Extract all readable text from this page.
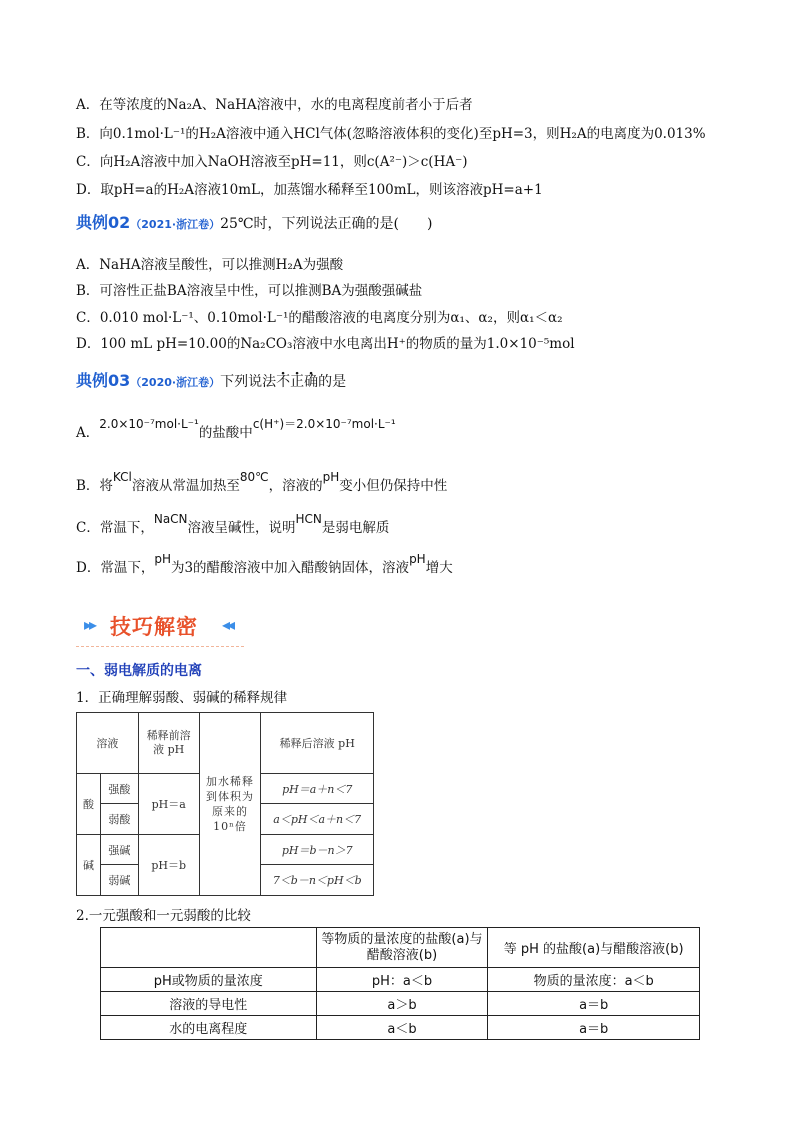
A．在等浓度的Na₂A、NaHA溶液中，水的电离程度前者小于后者
B．向0.1mol·L⁻¹的H₂A溶液中通入HCl气体(忽略溶液体积的变化)至pH=3，则H₂A的电离度为0.013%
C．向H₂A溶液中加入NaOH溶液至pH=11，则c(A²⁻)＞c(HA⁻)
D．取pH=a的H₂A溶液10mL，加蒸馏水稀释至100mL，则该溶液pH=a+1
典例02（2021·浙江卷）25℃时，下列说法正确的是(　　)
A．NaHA溶液呈酸性，可以推测H₂A为强酸
B．可溶性正盐BA溶液呈中性，可以推测BA为强酸强碱盐
C．0.010 mol·L⁻¹、0.10mol·L⁻¹的醋酸溶液的电离度分别为α₁、α₂，则α₁＜α₂
D．100 mL pH=10.00的Na₂CO₃溶液中水电离出H⁺的物质的量为1.0×10⁻⁵mol
典例03（2020·浙江卷）下列说法不正确的是
A．2.0×10⁻⁷mol·L⁻¹的盐酸中c(H⁺)＝2.0×10⁻⁷mol·L⁻¹
B．将KCl溶液从常温加热至80℃，溶液的pH变小但仍保持中性
C．常温下，NaCN溶液呈碱性，说明HCN是弱电解质
D．常温下，pH为3的醋酸溶液中加入醋酸钠固体，溶液pH增大
▸▸ 技巧解密 ◂◂
一、弱电解质的电离
1．正确理解弱酸、弱碱的稀释规律
溶液		稀释前溶液 pH	加水稀释到体积为原来的10ⁿ倍	稀释后溶液 pH
酸	强酸	pH＝a		pH＝a＋n＜7
	弱酸			a＜pH＜a＋n＜7
碱	强碱	pH＝b		pH＝b－n＞7
	弱碱			7＜b－n＜pH＜b
2.一元强酸和一元弱酸的比较
	等物质的量浓度的盐酸(a)与醋酸溶液(b)	等 pH 的盐酸(a)与醋酸溶液(b)
pH或物质的量浓度	pH：a＜b	物质的量浓度：a＜b
溶液的导电性	a＞b	a＝b
水的电离程度	a＜b	a＝b
